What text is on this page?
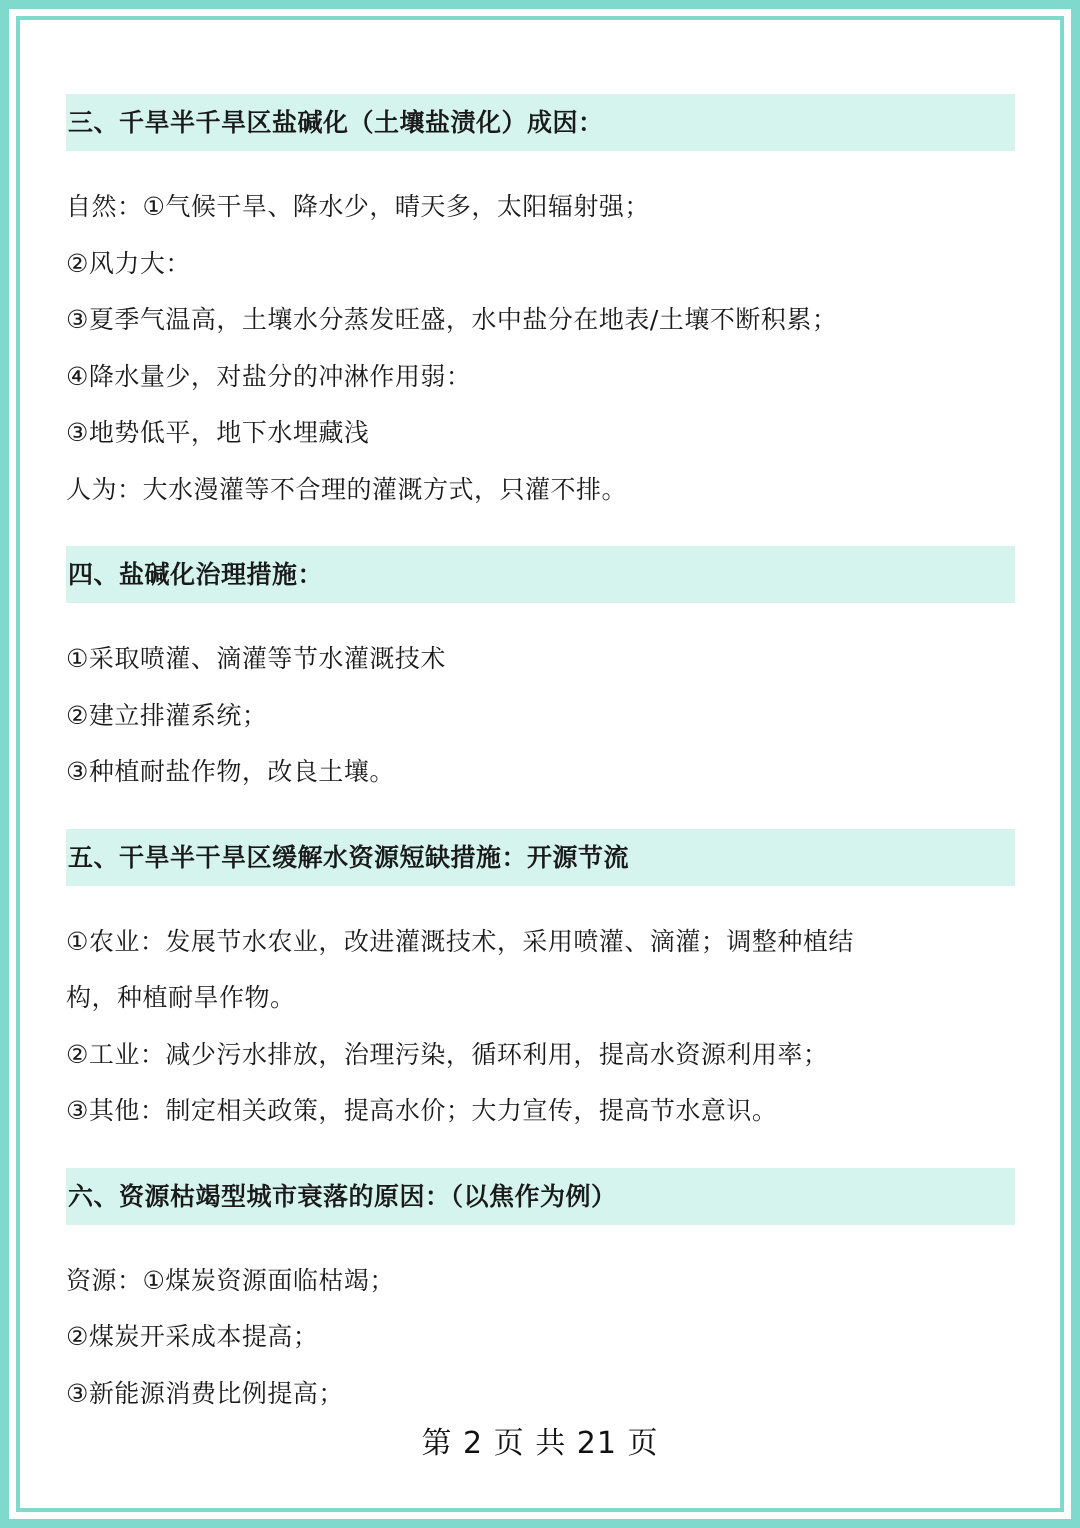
三、千旱半千旱区盐碱化（土壤盐渍化）成因：
自然：①气候干旱、降水少，晴天多，太阳辐射强；
②风力大：
③夏季气温高，土壤水分蒸发旺盛，水中盐分在地表/土壤不断积累；
④降水量少，对盐分的冲淋作用弱：
③地势低平，地下水埋藏浅
人为：大水漫灌等不合理的灌溉方式，只灌不排。
四、盐碱化治理措施：
①采取喷灌、滴灌等节水灌溉技术
②建立排灌系统；
③种植耐盐作物，改良土壤。
五、干旱半干旱区缓解水资源短缺措施：开源节流
①农业：发展节水农业，改进灌溉技术，采用喷灌、滴灌；调整种植结
构，种植耐旱作物。
②工业：减少污水排放，治理污染，循环利用，提高水资源利用率；
③其他：制定相关政策，提高水价；大力宣传，提高节水意识。
六、资源枯竭型城市衰落的原因：（以焦作为例）
资源：①煤炭资源面临枯竭；
②煤炭开采成本提高；
③新能源消费比例提高；
第 2 页 共 21 页
